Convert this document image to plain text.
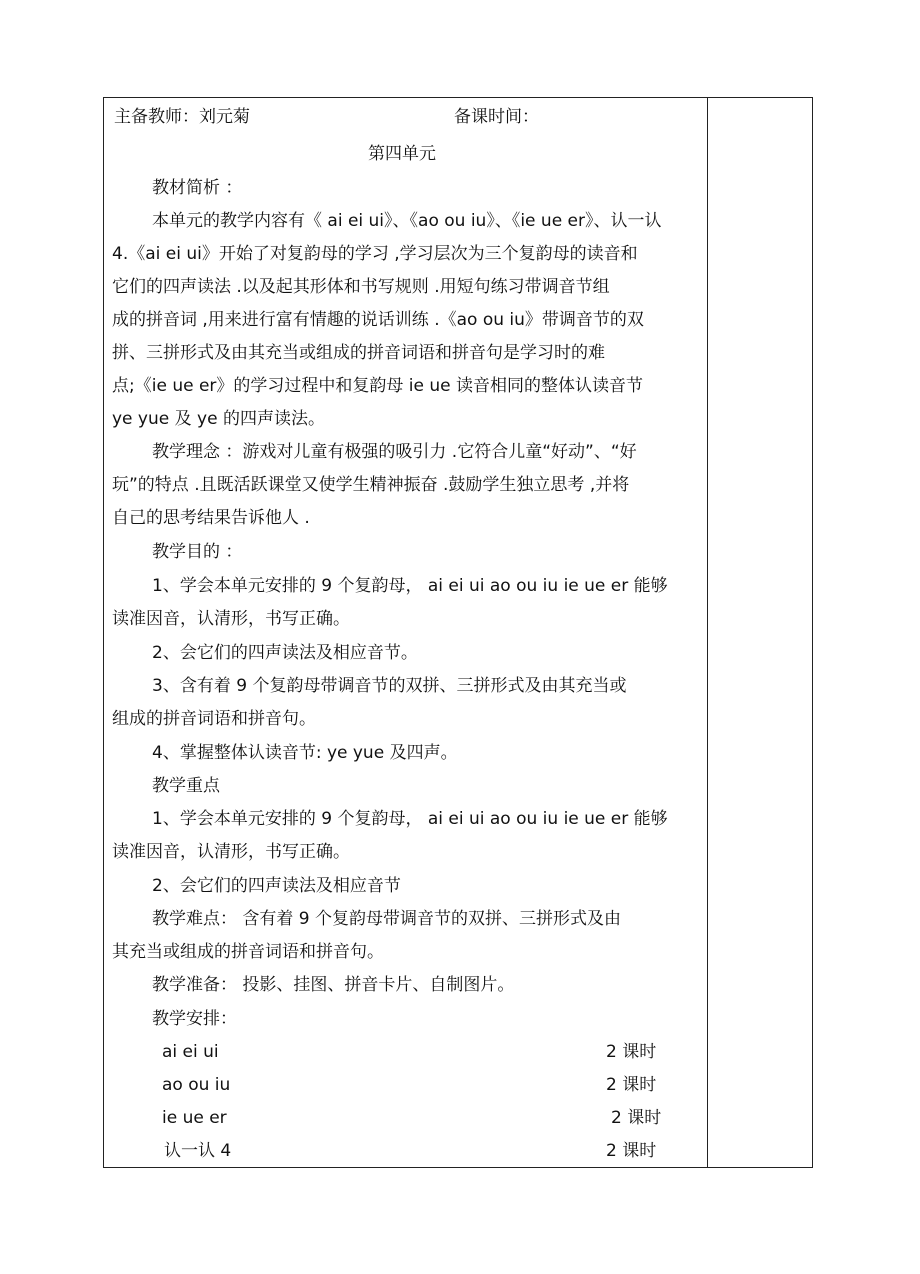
主备教师：刘元菊	备课时间：
第四单元
教材简析 ：
本单元的教学内容有《 ai ei ui》、《ao ou iu》、《ie ue er》、认一认
4.《ai ei ui》开始了对复韵母的学习 ,学习层次为三个复韵母的读音和
它们的四声读法 .以及起其形体和书写规则 .用短句练习带调音节组
成的拼音词 ,用来进行富有情趣的说话训练 .《ao ou iu》带调音节的双
拼、三拼形式及由其充当或组成的拼音词语和拼音句是学习时的难
点;《ie ue er》的学习过程中和复韵母 ie ue 读音相同的整体认读音节
ye yue 及 ye 的四声读法。
教学理念 ：游戏对儿童有极强的吸引力 .它符合儿童“好动”、“好
玩”的特点 .且既活跃课堂又使学生精神振奋 .鼓励学生独立思考 ,并将
自己的思考结果告诉他人 .
教学目的 ：
1、学会本单元安排的 9 个复韵母， ai ei ui ao ou iu ie ue er 能够
读准因音，认清形，书写正确。
2、会它们的四声读法及相应音节。
3、含有着 9 个复韵母带调音节的双拼、三拼形式及由其充当或
组成的拼音词语和拼音句。
4、掌握整体认读音节: ye yue 及四声。
教学重点
1、学会本单元安排的 9 个复韵母， ai ei ui ao ou iu ie ue er 能够
读准因音，认清形，书写正确。
2、会它们的四声读法及相应音节
教学难点： 含有着 9 个复韵母带调音节的双拼、三拼形式及由
其充当或组成的拼音词语和拼音句。
教学准备： 投影、挂图、拼音卡片、自制图片。
教学安排：
ai ei ui	2 课时
ao ou iu	2 课时
ie ue er	2 课时
认一认 4	2 课时
